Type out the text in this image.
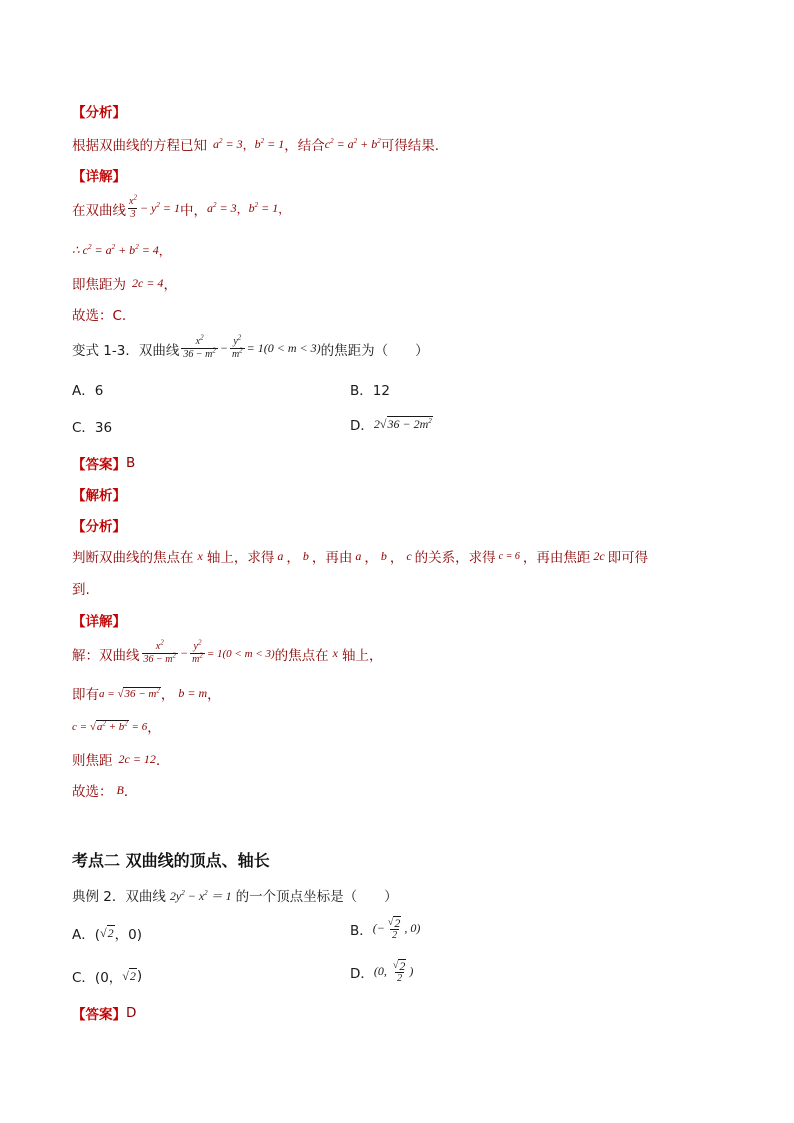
【分析】
根据双曲线的方程已知 $a^2 = 3$ ， $b^2 = 1$ ，结合 $c^2 = a^2 + b^2$ 可得结果.
【详解】
在双曲线 $\frac{x^2}{3} - y^2 = 1$ 中， $a^2 = 3$ ， $b^2 = 1$ ，
∴ $c^2 = a^2 + b^2 = 4$ ，
即焦距为 2c = 4 ，
故选：C.
变式 1-3．双曲线 $\frac{x^2}{36 - m^2} - \frac{y^2}{m^2} = 1(0 < m < 3)$ 的焦距为（　　）
A．6	B．12
C．36	D． 2√ $36 - 2m^2$
【答案】 B
【解析】
【分析】
判断双曲线的焦点在 x 轴上，求得 a ， b ，再由 a ， b ， c 的关系，求得 c = 6 ，再由焦距 2c 即可得
到.
【详解】
解：双曲线 $\frac{x^2}{36 - m^2} - \frac{y^2}{m^2} = 1(0 < m < 3)$ 的焦点在 x 轴上，
即有 a = √ $36 - m^2$ ， b = m ，
c = √ $a^2 + b^2 = 6$ ，
则焦距 2c = 12 ．
故选： B ．
考点二 双曲线的顶点、轴长
典例 2．双曲线 $2y^2 - x^2 = 1$ 的一个顶点坐标是（　　）
A．( √ 2 ，0)	B． (− $\frac{√ 2}{2}$ , 0)
C．(0， √ 2 )	D． (0, $\frac{√ 2}{2}$ )
【答案】 D
